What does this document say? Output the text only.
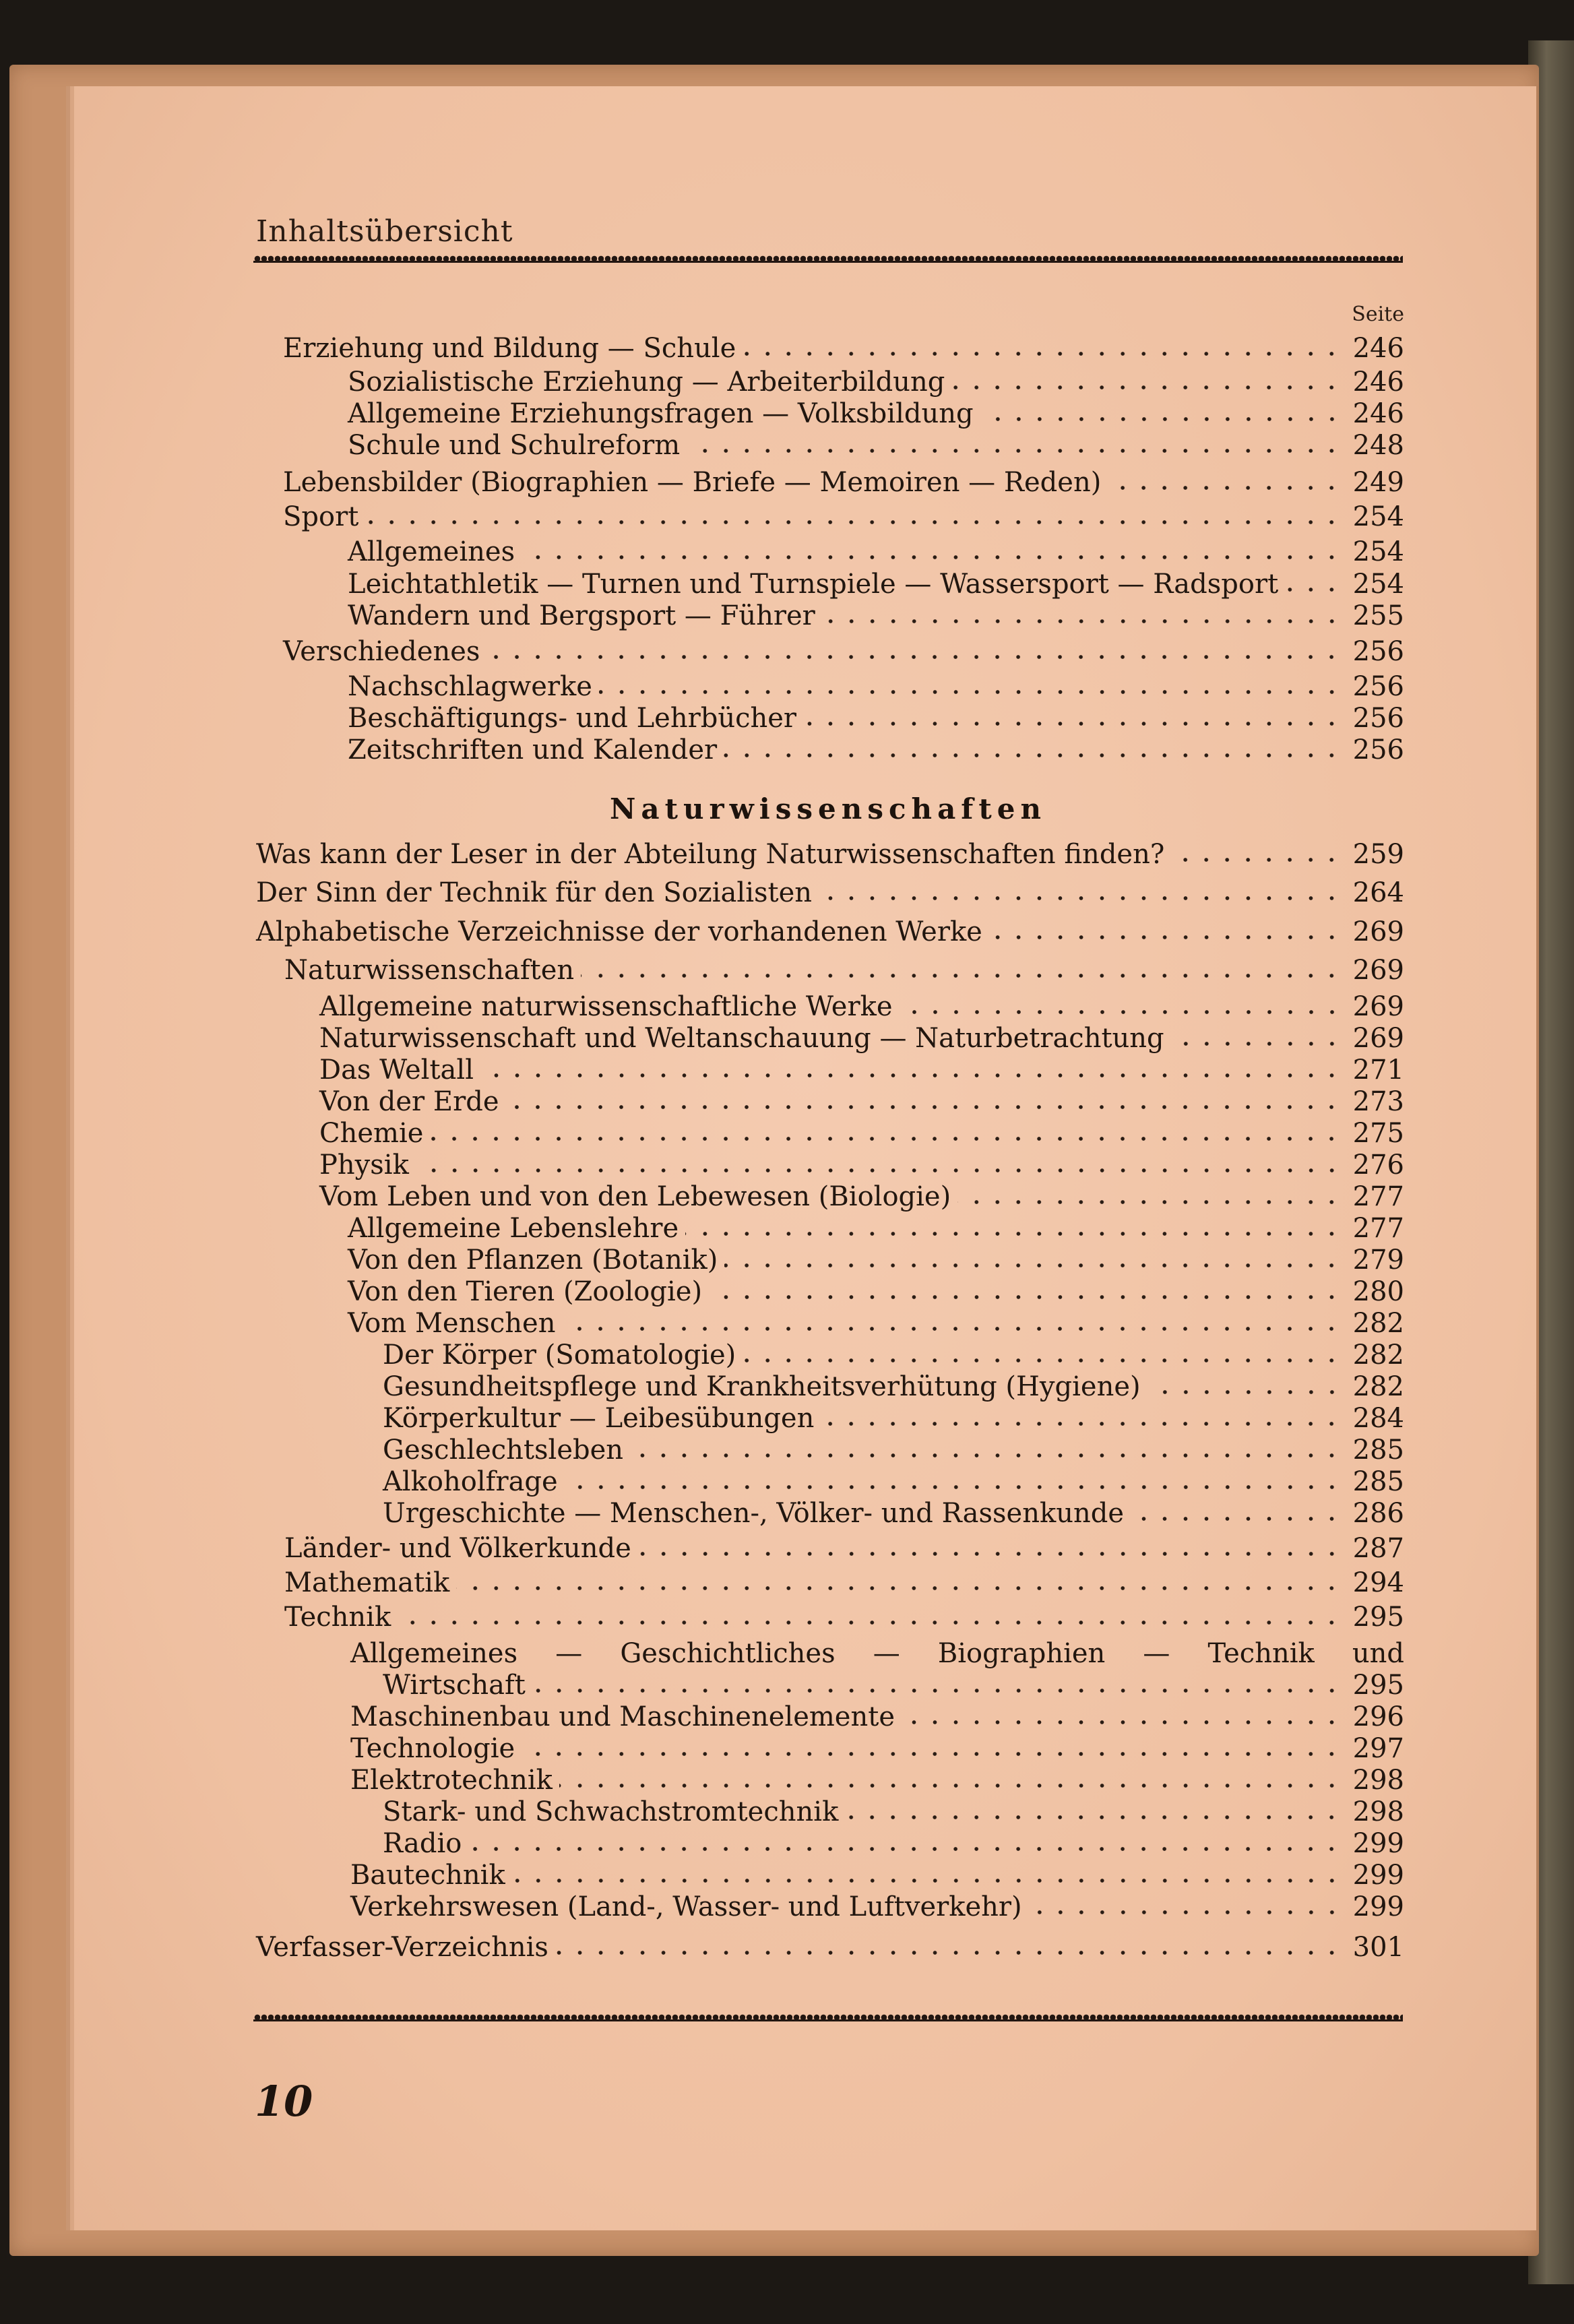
Inhaltsübersicht
Seite
Erziehung und Bildung — Schule	246
Sozialistische Erziehung — Arbeiterbildung	246
Allgemeine Erziehungsfragen — Volksbildung	246
Schule und Schulreform	248
Lebensbilder (Biographien — Briefe — Memoiren — Reden)	249
Sport	254
Allgemeines	254
Leichtathletik — Turnen und Turnspiele — Wassersport — Radsport	254
Wandern und Bergsport — Führer	255
Verschiedenes	256
Nachschlagwerke	256
Beschäftigungs- und Lehrbücher	256
Zeitschriften und Kalender	256
Naturwissenschaften
Was kann der Leser in der Abteilung Naturwissenschaften finden?	259
Der Sinn der Technik für den Sozialisten	264
Alphabetische Verzeichnisse der vorhandenen Werke	269
Naturwissenschaften	269
Allgemeine naturwissenschaftliche Werke	269
Naturwissenschaft und Weltanschauung — Naturbetrachtung	269
Das Weltall	271
Von der Erde	273
Chemie	275
Physik	276
Vom Leben und von den Lebewesen (Biologie)	277
Allgemeine Lebenslehre	277
Von den Pflanzen (Botanik)	279
Von den Tieren (Zoologie)	280
Vom Menschen	282
Der Körper (Somatologie)	282
Gesundheitspflege und Krankheitsverhütung (Hygiene)	282
Körperkultur — Leibesübungen	284
Geschlechtsleben	285
Alkoholfrage	285
Urgeschichte — Menschen-, Völker- und Rassenkunde	286
Länder- und Völkerkunde	287
Mathematik	294
Technik	295
Allgemeines — Geschichtliches — Biographien — Technik und
Wirtschaft	295
Maschinenbau und Maschinenelemente	296
Technologie	297
Elektrotechnik	298
Stark- und Schwachstromtechnik	298
Radio	299
Bautechnik	299
Verkehrswesen (Land-, Wasser- und Luftverkehr)	299
Verfasser-Verzeichnis	301
10
